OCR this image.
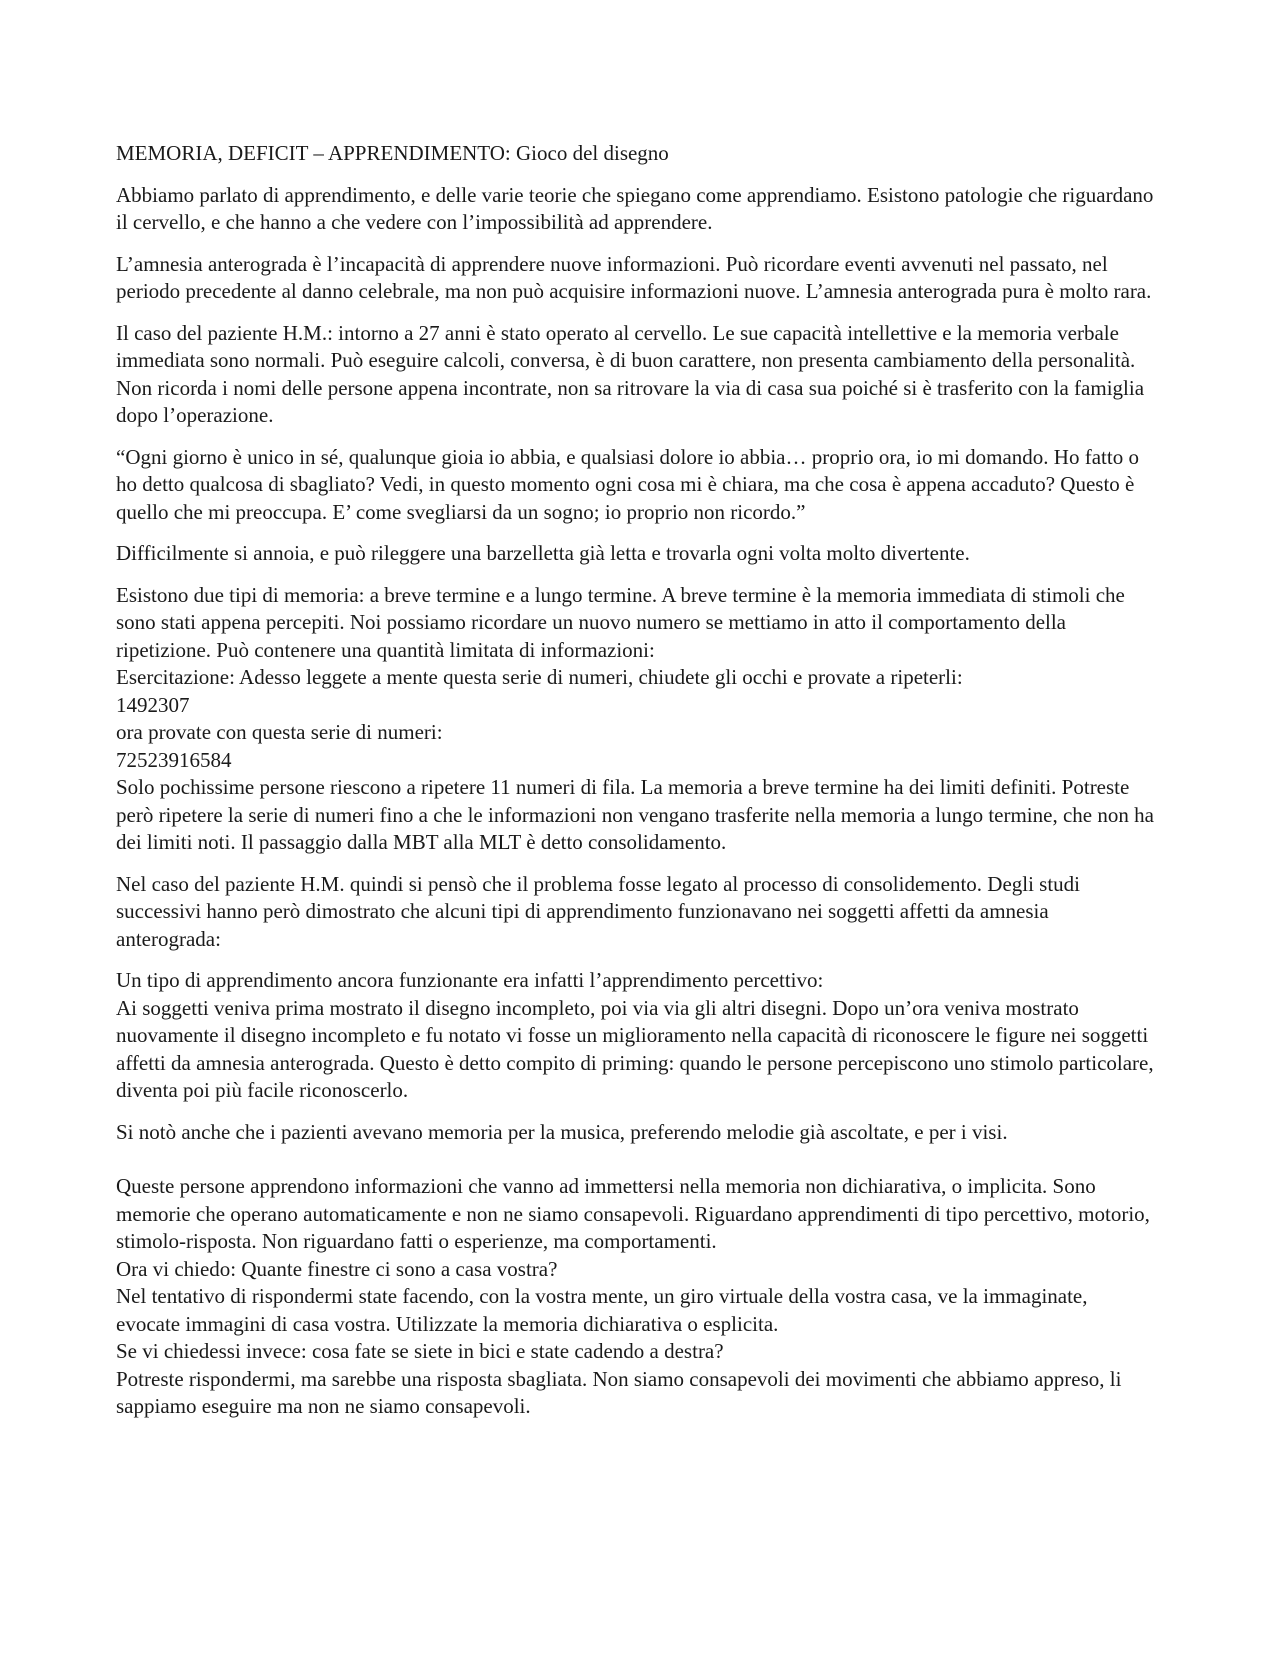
MEMORIA, DEFICIT – APPRENDIMENTO: Gioco del disegno

Abbiamo parlato di apprendimento, e delle varie teorie che spiegano come apprendiamo. Esistono patologie che riguardano il cervello, e che hanno a che vedere con l’impossibilità ad apprendere.
L’amnesia anterograda è l’incapacità di apprendere nuove informazioni. Può ricordare eventi avvenuti nel passato, nel periodo precedente al danno celebrale, ma non può acquisire informazioni nuove. L’amnesia anterograda pura è molto rara.
Il caso del paziente H.M.: intorno a 27 anni è stato operato al cervello. Le sue capacità intellettive e la memoria verbale immediata sono normali. Può eseguire calcoli, conversa, è di buon carattere, non presenta cambiamento della personalità.
Non ricorda i nomi delle persone appena incontrate, non sa ritrovare la via di casa sua poiché si è trasferito con la famiglia dopo l’operazione.
“Ogni giorno è unico in sé, qualunque gioia io abbia, e qualsiasi dolore io abbia… proprio ora, io mi domando. Ho fatto o ho detto qualcosa di sbagliato? Vedi, in questo momento ogni cosa mi è chiara, ma che cosa è appena accaduto? Questo è quello che mi preoccupa. E’ come svegliarsi da un sogno; io proprio non ricordo.”
Difficilmente si annoia, e può rileggere una barzelletta già letta e trovarla ogni volta molto divertente.
Esistono due tipi di memoria: a breve termine e a lungo termine. A breve termine è la memoria immediata di stimoli che sono stati appena percepiti. Noi possiamo ricordare un nuovo numero se mettiamo in atto il comportamento della ripetizione. Può contenere una quantità limitata di informazioni:
Esercitazione: Adesso leggete a mente questa serie di numeri, chiudete gli occhi e provate a ripeterli:
1492307
ora provate con questa serie di numeri:
72523916584
Solo pochissime persone riescono a ripetere 11 numeri di fila. La memoria a breve termine ha dei limiti definiti. Potreste però ripetere la serie di numeri fino a che le informazioni non vengano trasferite nella memoria a lungo termine, che non ha dei limiti noti. Il passaggio dalla MBT alla MLT è detto consolidamento.
Nel caso del paziente H.M. quindi si pensò che il problema fosse legato al processo di consolidemento. Degli studi successivi hanno però dimostrato che alcuni tipi di apprendimento funzionavano nei soggetti affetti da amnesia anterograda:
Un tipo di apprendimento ancora funzionante era infatti l’apprendimento percettivo:
Ai soggetti veniva prima mostrato il disegno incompleto, poi via via gli altri disegni. Dopo un’ora veniva mostrato nuovamente il disegno incompleto e fu notato vi fosse un miglioramento nella capacità di riconoscere le figure nei soggetti affetti da amnesia anterograda. Questo è detto compito di priming: quando le persone percepiscono uno stimolo particolare, diventa poi più facile riconoscerlo.
Si notò anche che i pazienti avevano memoria per la musica, preferendo melodie già ascoltate, e per i visi.
Queste persone apprendono informazioni che vanno ad immettersi nella memoria non dichiarativa, o implicita. Sono memorie che operano automaticamente e non ne siamo consapevoli. Riguardano apprendimenti di tipo percettivo, motorio, stimolo-risposta. Non riguardano fatti o esperienze, ma comportamenti.
Ora vi chiedo: Quante finestre ci sono a casa vostra?
Nel tentativo di rispondermi state facendo, con la vostra mente, un giro virtuale della vostra casa, ve la immaginate, evocate immagini di casa vostra. Utilizzate la memoria dichiarativa o esplicita.
Se vi chiedessi invece: cosa fate se siete in bici e state cadendo a destra?
Potreste rispondermi, ma sarebbe una risposta sbagliata. Non siamo consapevoli dei movimenti che abbiamo appreso, li sappiamo eseguire ma non ne siamo consapevoli.
